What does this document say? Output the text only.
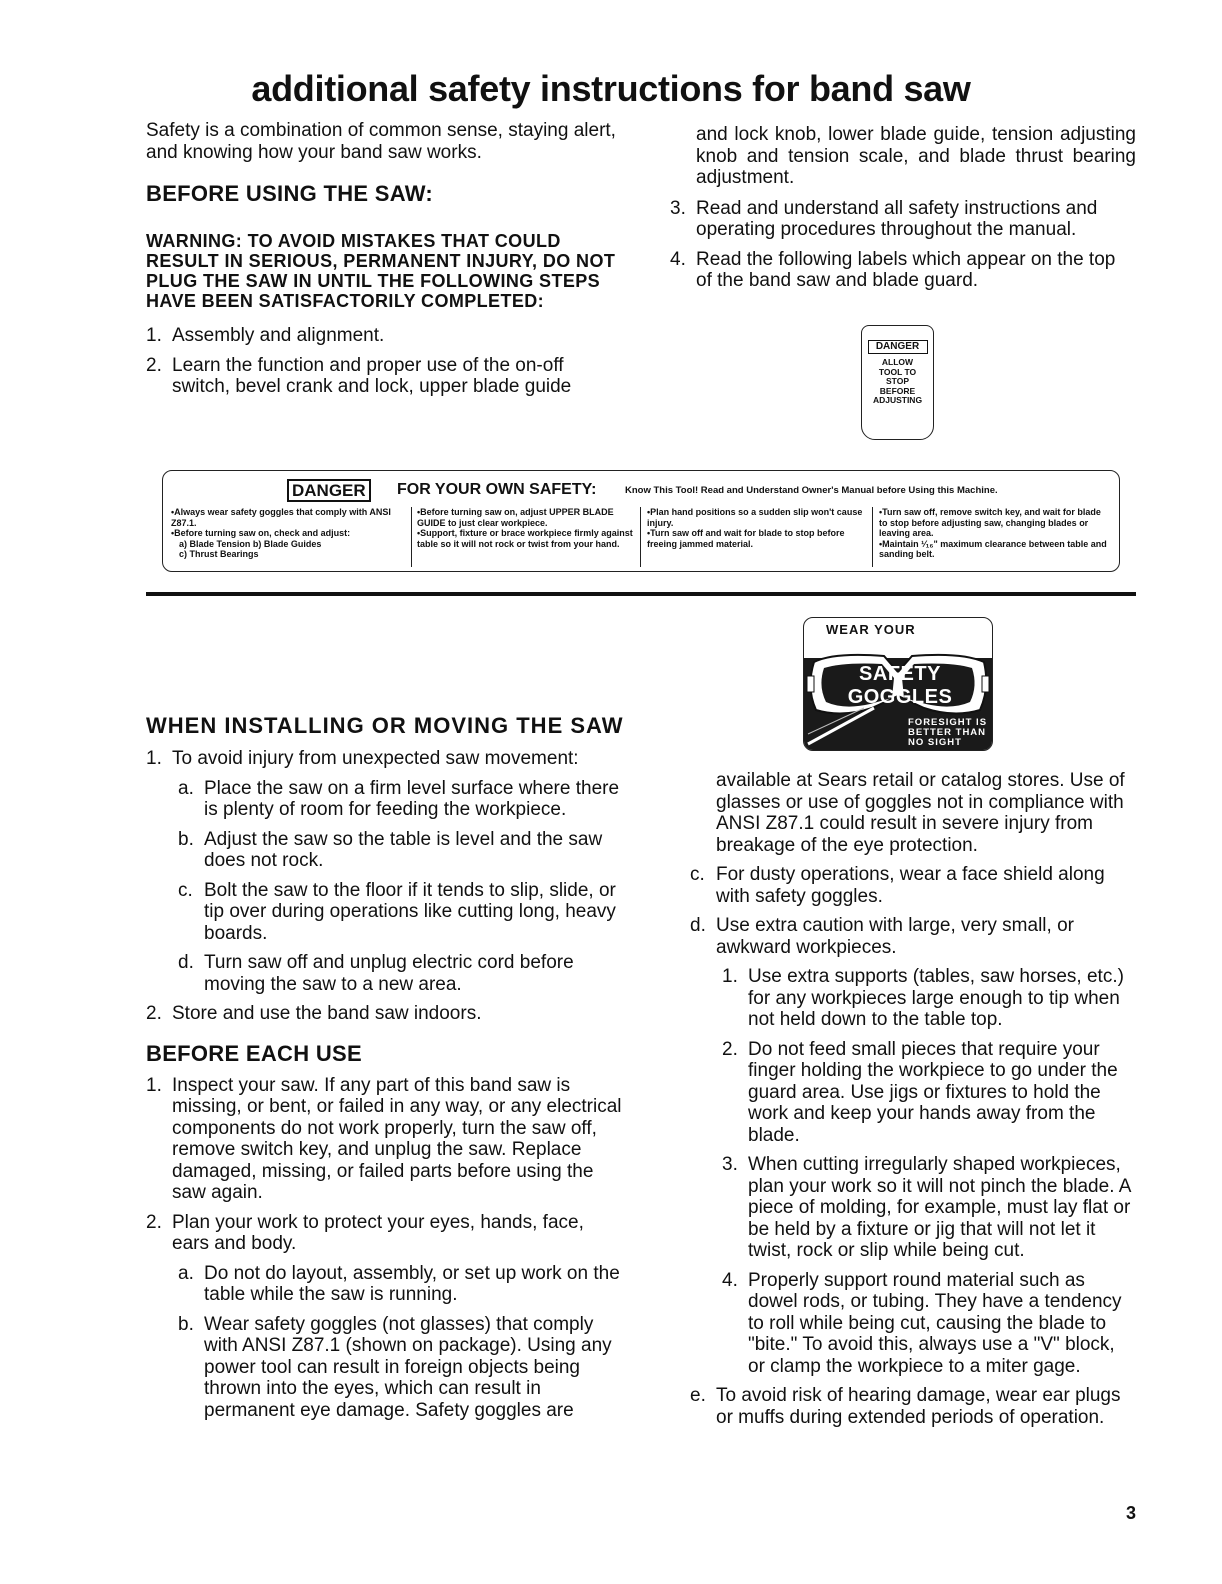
additional safety instructions for band saw

Safety is a combination of common sense, staying alert, and knowing how your band saw works.

BEFORE USING THE SAW:
WARNING: TO AVOID MISTAKES THAT COULD RESULT IN SERIOUS, PERMANENT INJURY, DO NOT PLUG THE SAW IN UNTIL THE FOLLOWING STEPS HAVE BEEN SATISFACTORILY COMPLETED:
1. Assembly and alignment.
2. Learn the function and proper use of the on-off switch, bevel crank and lock, upper blade guide

and lock knob, lower blade guide, tension adjusting knob and tension scale, and blade thrust bearing adjustment.

3. Read and understand all safety instructions and operating procedures throughout the manual.
4. Read the following labels which appear on the top of the band saw and blade guard.
DANGER
ALLOW
TOOL TO
STOP
BEFORE
ADJUSTING
DANGER	FOR YOUR OWN SAFETY:	Know This Tool! Read and Understand Owner's Manual before Using this Machine.
•Always wear safety goggles that comply with ANSI Z87.1.
•Before turning saw on, check and adjust:
a) Blade Tension b) Blade Guides
c) Thrust Bearings
•Before turning saw on, adjust UPPER BLADE GUIDE to just clear workpiece.
•Support, fixture or brace workpiece firmly against table so it will not rock or twist from your hand.
•Plan hand positions so a sudden slip won't cause injury.
•Turn saw off and wait for blade to stop before freeing jammed material.
•Turn saw off, remove switch key, and wait for blade to stop before adjusting saw, changing blades or leaving area.
•Maintain ¹⁄₁₆" maximum clearance between table and sanding belt.
WEAR YOUR
SAFETY GOGGLES
FORESIGHT IS
BETTER THAN
NO SIGHT
WHEN INSTALLING OR MOVING THE SAW
1. To avoid injury from unexpected saw movement:
a. Place the saw on a firm level surface where there is plenty of room for feeding the workpiece.
b. Adjust the saw so the table is level and the saw does not rock.
c. Bolt the saw to the floor if it tends to slip, slide, or tip over during operations like cutting long, heavy boards.
d. Turn saw off and unplug electric cord before moving the saw to a new area.
2. Store and use the band saw indoors.
BEFORE EACH USE
1. Inspect your saw. If any part of this band saw is missing, or bent, or failed in any way, or any electrical components do not work properly, turn the saw off, remove switch key, and unplug the saw. Replace damaged, missing, or failed parts before using the saw again.
2. Plan your work to protect your eyes, hands, face, ears and body.
a. Do not do layout, assembly, or set up work on the table while the saw is running.
b. Wear safety goggles (not glasses) that comply with ANSI Z87.1 (shown on package). Using any power tool can result in foreign objects being thrown into the eyes, which can result in permanent eye damage. Safety goggles are

available at Sears retail or catalog stores. Use of glasses or use of goggles not in compliance with ANSI Z87.1 could result in severe injury from breakage of the eye protection.

c. For dusty operations, wear a face shield along with safety goggles.
d. Use extra caution with large, very small, or awkward workpieces.
1. Use extra supports (tables, saw horses, etc.) for any workpieces large enough to tip when not held down to the table top.
2. Do not feed small pieces that require your finger holding the workpiece to go under the guard area. Use jigs or fixtures to hold the work and keep your hands away from the blade.
3. When cutting irregularly shaped workpieces, plan your work so it will not pinch the blade. A piece of molding, for example, must lay flat or be held by a fixture or jig that will not let it twist, rock or slip while being cut.
4. Properly support round material such as dowel rods, or tubing. They have a tendency to roll while being cut, causing the blade to "bite." To avoid this, always use a "V" block, or clamp the workpiece to a miter gage.
e. To avoid risk of hearing damage, wear ear plugs or muffs during extended periods of operation.
3
